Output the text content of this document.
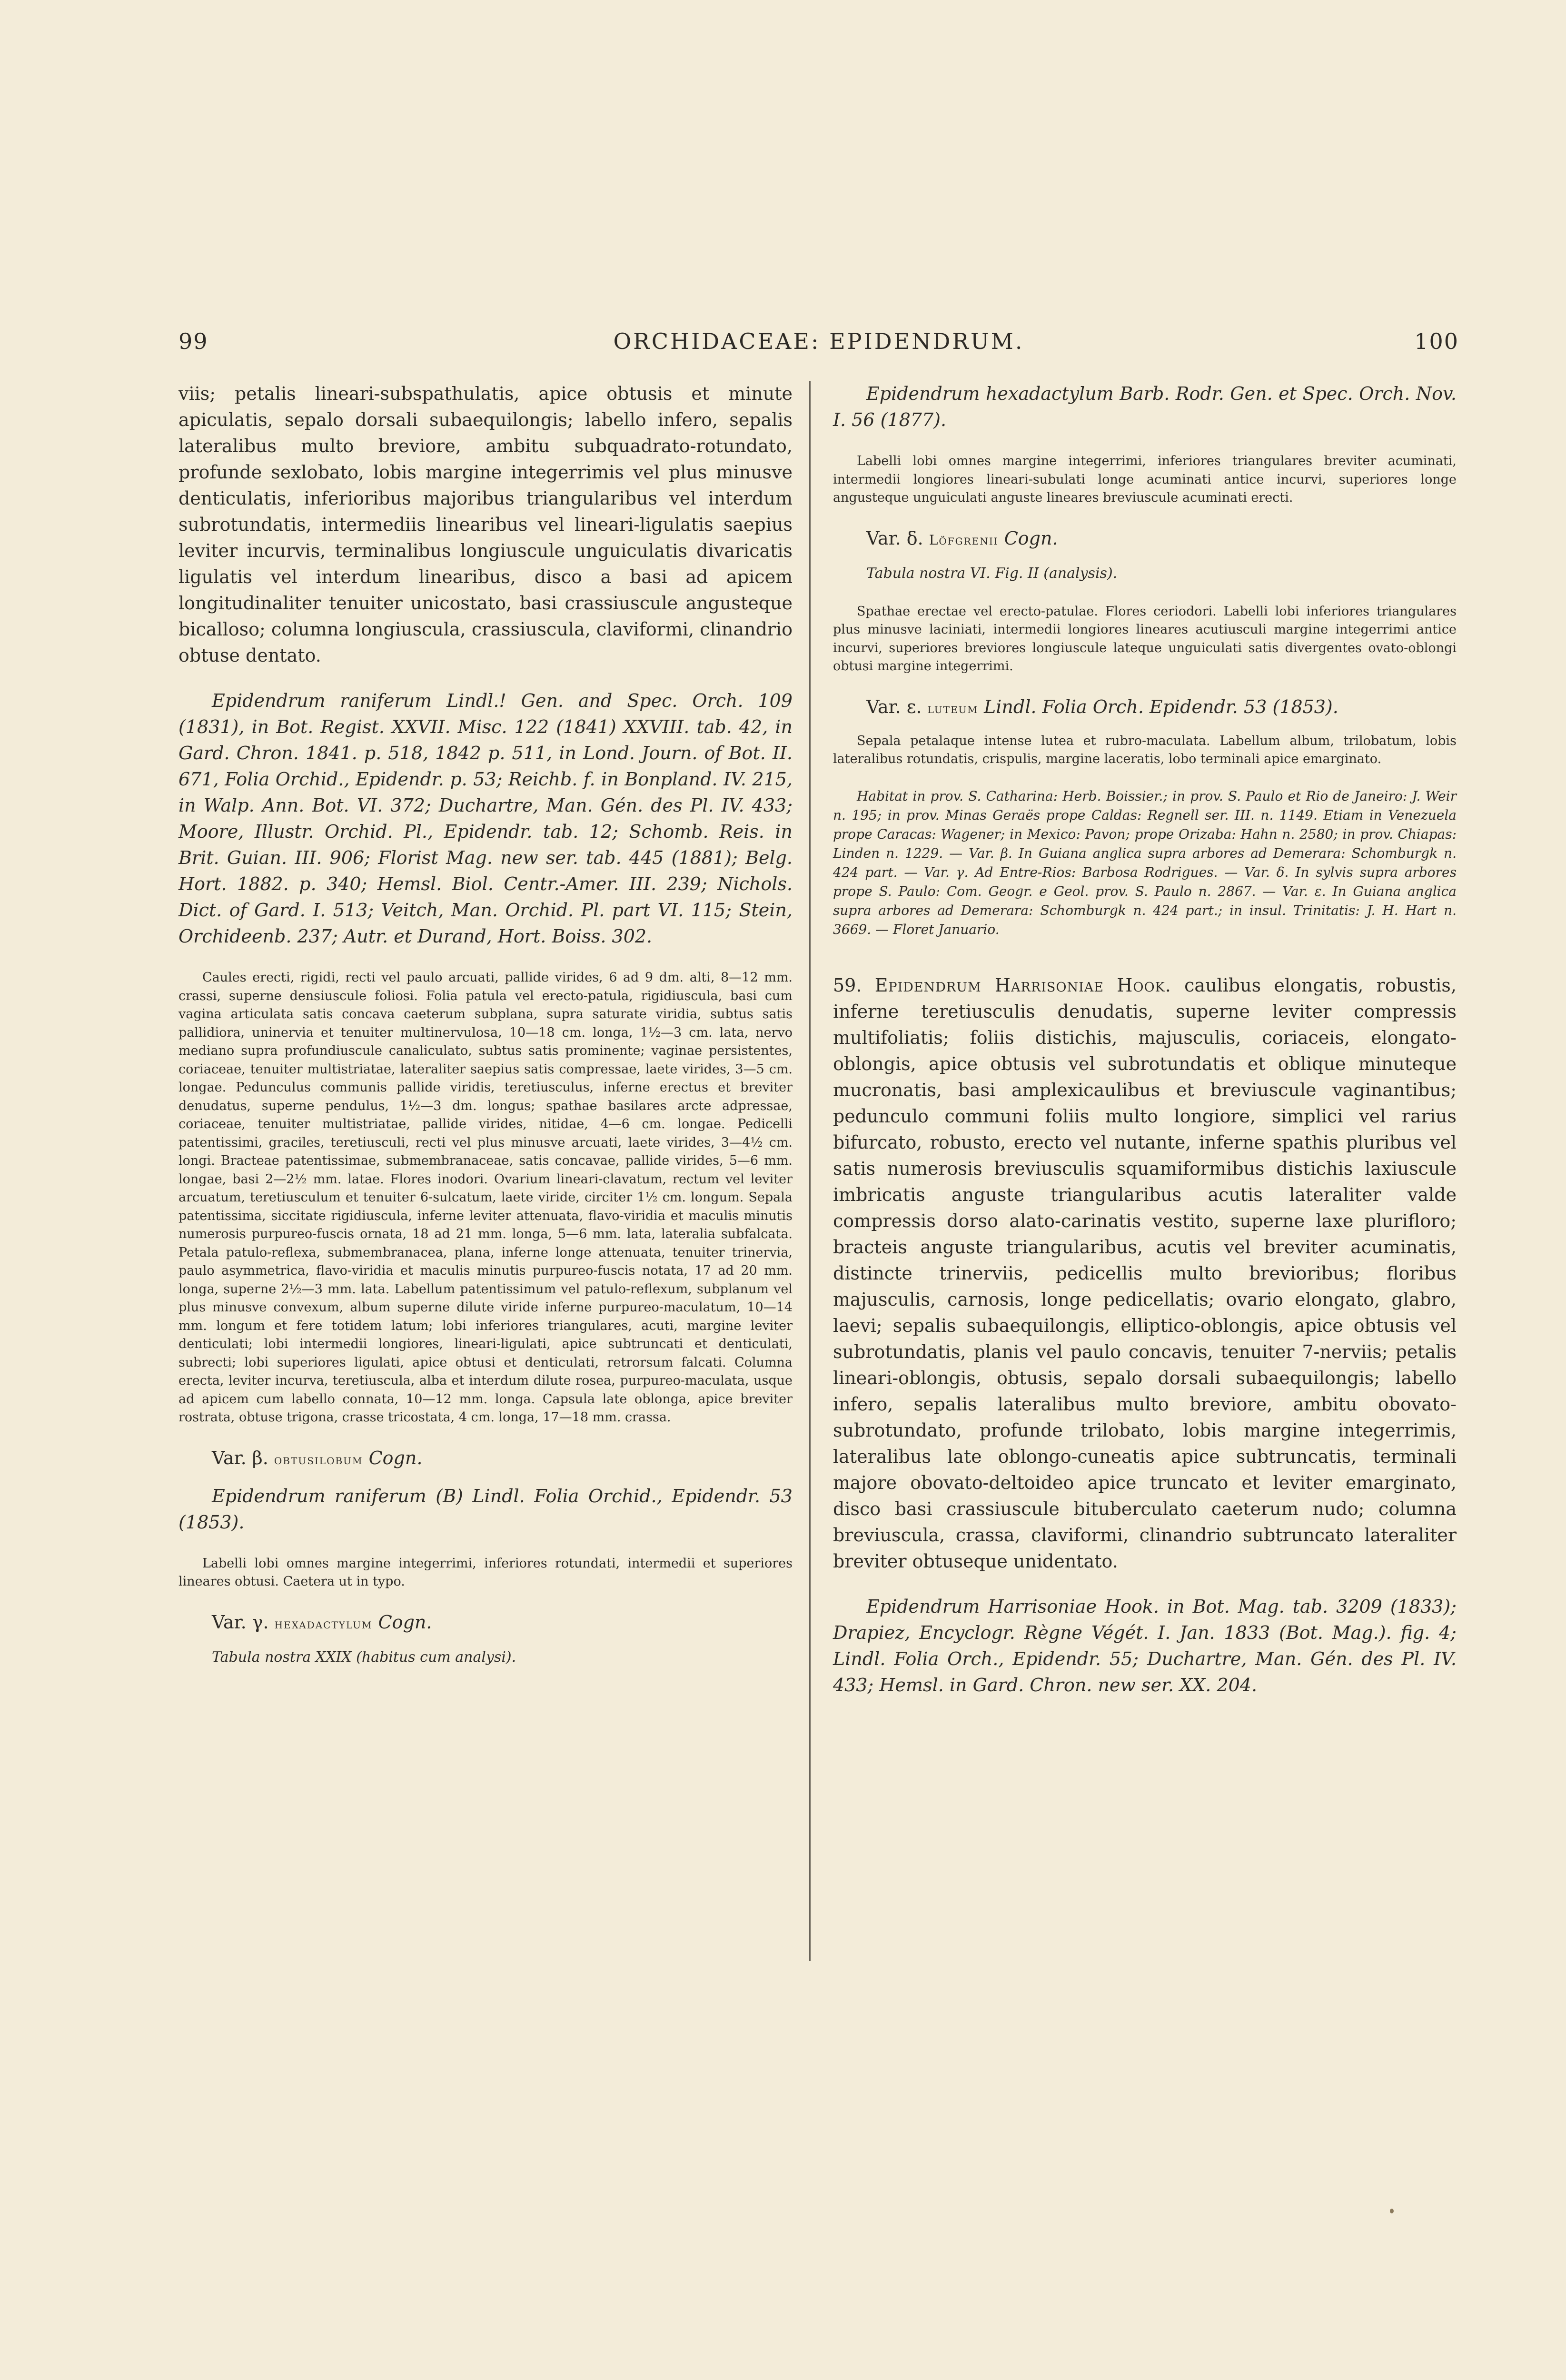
99	ORCHIDACEAE: EPIDENDRUM.	100

viis; petalis lineari-subspathulatis, apice obtusis et minute apiculatis, sepalo dorsali subaequilongis; labello infero, sepalis lateralibus multo breviore, ambitu subquadrato-rotundato, profunde sexlobato, lobis margine integerrimis vel plus minusve denticulatis, inferioribus majoribus triangularibus vel interdum subrotundatis, intermediis linearibus vel lineari-ligulatis saepius leviter incurvis, terminalibus longiuscule unguiculatis divaricatis ligulatis vel interdum linearibus, disco a basi ad apicem longitudinaliter tenuiter unicostato, basi crassiuscule angusteque bicalloso; columna longiuscula, crassiuscula, claviformi, clinandrio obtuse dentato.

Epidendrum raniferum Lindl.! Gen. and Spec. Orch. 109 (1831), in Bot. Regist. XXVII. Misc. 122 (1841) XXVIII. tab. 42, in Gard. Chron. 1841. p. 518, 1842 p. 511, in Lond. Journ. of Bot. II. 671, Folia Orchid., Epidendr. p. 53; Reichb. f. in Bonpland. IV. 215, in Walp. Ann. Bot. VI. 372; Duchartre, Man. Gén. des Pl. IV. 433; Moore, Illustr. Orchid. Pl., Epidendr. tab. 12; Schomb. Reis. in Brit. Guian. III. 906; Florist Mag. new ser. tab. 445 (1881); Belg. Hort. 1882. p. 340; Hemsl. Biol. Centr.-Amer. III. 239; Nichols. Dict. of Gard. I. 513; Veitch, Man. Orchid. Pl. part VI. 115; Stein, Orchideenb. 237; Autr. et Durand, Hort. Boiss. 302.

Caules erecti, rigidi, recti vel paulo arcuati, pallide virides, 6 ad 9 dm. alti, 8—12 mm. crassi, superne densiuscule foliosi. Folia patula vel erecto-patula, rigidiuscula, basi cum vagina articulata satis concava caeterum subplana, supra saturate viridia, subtus satis pallidiora, uninervia et tenuiter multinervulosa, 10—18 cm. longa, 1½—3 cm. lata, nervo mediano supra profundiuscule canaliculato, subtus satis prominente; vaginae persistentes, coriaceae, tenuiter multistriatae, lateraliter saepius satis compressae, laete virides, 3—5 cm. longae. Pedunculus communis pallide viridis, teretiusculus, inferne erectus et breviter denudatus, superne pendulus, 1½—3 dm. longus; spathae basilares arcte adpressae, coriaceae, tenuiter multistriatae, pallide virides, nitidae, 4—6 cm. longae. Pedicelli patentissimi, graciles, teretiusculi, recti vel plus minusve arcuati, laete virides, 3—4½ cm. longi. Bracteae patentissimae, submembranaceae, satis concavae, pallide virides, 5—6 mm. longae, basi 2—2½ mm. latae. Flores inodori. Ovarium lineari-clavatum, rectum vel leviter arcuatum, teretiusculum et tenuiter 6-sulcatum, laete viride, circiter 1½ cm. longum. Sepala patentissima, siccitate rigidiuscula, inferne leviter attenuata, flavo-viridia et maculis minutis numerosis purpureo-fuscis ornata, 18 ad 21 mm. longa, 5—6 mm. lata, lateralia subfalcata. Petala patulo-reflexa, submembranacea, plana, inferne longe attenuata, tenuiter trinervia, paulo asymmetrica, flavo-viridia et maculis minutis purpureo-fuscis notata, 17 ad 20 mm. longa, superne 2½—3 mm. lata. Labellum patentissimum vel patulo-reflexum, subplanum vel plus minusve convexum, album superne dilute viride inferne purpureo-maculatum, 10—14 mm. longum et fere totidem latum; lobi inferiores triangulares, acuti, margine leviter denticulati; lobi intermedii longiores, lineari-ligulati, apice subtruncati et denticulati, subrecti; lobi superiores ligulati, apice obtusi et denticulati, retrorsum falcati. Columna erecta, leviter incurva, teretiuscula, alba et interdum dilute rosea, purpureo-maculata, usque ad apicem cum labello connata, 10—12 mm. longa. Capsula late oblonga, apice breviter rostrata, obtuse trigona, crasse tricostata, 4 cm. longa, 17—18 mm. crassa.

Var. β. obtusilobum Cogn.

Epidendrum raniferum (B) Lindl. Folia Orchid., Epidendr. 53 (1853).

Labelli lobi omnes margine integerrimi, inferiores rotundati, intermedii et superiores lineares obtusi. Caetera ut in typo.

Var. γ. hexadactylum Cogn.

Tabula nostra XXIX (habitus cum analysi).

Epidendrum hexadactylum Barb. Rodr. Gen. et Spec. Orch. Nov. I. 56 (1877).

Labelli lobi omnes margine integerrimi, inferiores triangulares breviter acuminati, intermedii longiores lineari-subulati longe acuminati antice incurvi, superiores longe angusteque unguiculati anguste lineares breviuscule acuminati erecti.

Var. δ. Löfgrenii Cogn.

Tabula nostra VI. Fig. II (analysis).

Spathae erectae vel erecto-patulae. Flores ceriodori. Labelli lobi inferiores triangulares plus minusve laciniati, intermedii longiores lineares acutiusculi margine integerrimi antice incurvi, superiores breviores longiuscule lateque unguiculati satis divergentes ovato-oblongi obtusi margine integerrimi.

Var. ε. luteum Lindl. Folia Orch. Epidendr. 53 (1853).

Sepala petalaque intense lutea et rubro-maculata. Labellum album, trilobatum, lobis lateralibus rotundatis, crispulis, margine laceratis, lobo terminali apice emarginato.

Habitat in prov. S. Catharina: Herb. Boissier.; in prov. S. Paulo et Rio de Janeiro: J. Weir n. 195; in prov. Minas Geraës prope Caldas: Regnell ser. III. n. 1149. Etiam in Venezuela prope Caracas: Wagener; in Mexico: Pavon; prope Orizaba: Hahn n. 2580; in prov. Chiapas: Linden n. 1229. — Var. β. In Guiana anglica supra arbores ad Demerara: Schomburgk n. 424 part. — Var. γ. Ad Entre-Rios: Barbosa Rodrigues. — Var. δ. In sylvis supra arbores prope S. Paulo: Com. Geogr. e Geol. prov. S. Paulo n. 2867. — Var. ε. In Guiana anglica supra arbores ad Demerara: Schomburgk n. 424 part.; in insul. Trinitatis: J. H. Hart n. 3669. — Floret Januario.

59. Epidendrum Harrisoniae Hook. caulibus elongatis, robustis, inferne teretiusculis denudatis, superne leviter compressis multifoliatis; foliis distichis, majusculis, coriaceis, elongato-oblongis, apice obtusis vel subrotundatis et oblique minuteque mucronatis, basi amplexicaulibus et breviuscule vaginantibus; pedunculo communi foliis multo longiore, simplici vel rarius bifurcato, robusto, erecto vel nutante, inferne spathis pluribus vel satis numerosis breviusculis squamiformibus distichis laxiuscule imbricatis anguste triangularibus acutis lateraliter valde compressis dorso alato-carinatis vestito, superne laxe plurifloro; bracteis anguste triangularibus, acutis vel breviter acuminatis, distincte trinerviis, pedicellis multo brevioribus; floribus majusculis, carnosis, longe pedicellatis; ovario elongato, glabro, laevi; sepalis subaequilongis, elliptico-oblongis, apice obtusis vel subrotundatis, planis vel paulo concavis, tenuiter 7-nerviis; petalis lineari-oblongis, obtusis, sepalo dorsali subaequilongis; labello infero, sepalis lateralibus multo breviore, ambitu obovato-subrotundato, profunde trilobato, lobis margine integerrimis, lateralibus late oblongo-cuneatis apice subtruncatis, terminali majore obovato-deltoideo apice truncato et leviter emarginato, disco basi crassiuscule bituberculato caeterum nudo; columna breviuscula, crassa, claviformi, clinandrio subtruncato lateraliter breviter obtuseque unidentato.

Epidendrum Harrisoniae Hook. in Bot. Mag. tab. 3209 (1833); Drapiez, Encyclogr. Règne Végét. I. Jan. 1833 (Bot. Mag.). fig. 4; Lindl. Folia Orch., Epidendr. 55; Duchartre, Man. Gén. des Pl. IV. 433; Hemsl. in Gard. Chron. new ser. XX. 204.
